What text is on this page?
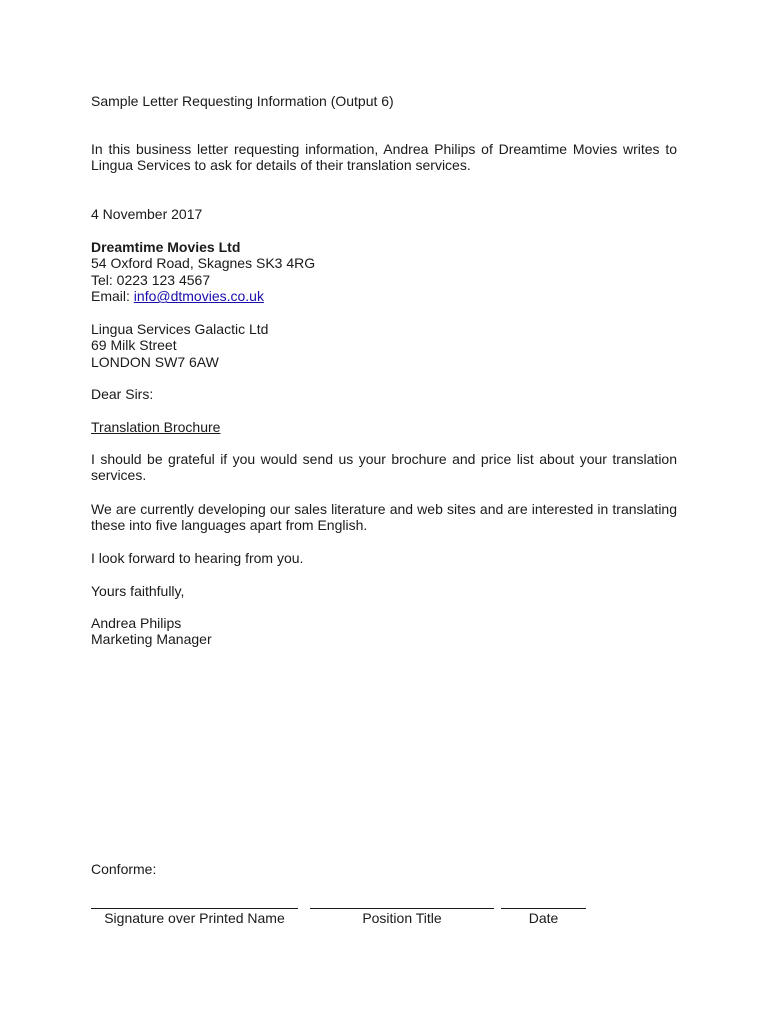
Sample Letter Requesting Information (Output 6)

In this business letter requesting information, Andrea Philips of Dreamtime Movies writes to Lingua Services to ask for details of their translation services.

4 November 2017

Dreamtime Movies Ltd
54 Oxford Road, Skagnes SK3 4RG
Tel: 0223 123 4567
Email: info@dtmovies.co.uk
Lingua Services Galactic Ltd
69 Milk Street
LONDON SW7 6AW

Dear Sirs:

Translation Brochure

I should be grateful if you would send us your brochure and price list about your translation services.

We are currently developing our sales literature and web sites and are interested in translating these into five languages apart from English.

I look forward to hearing from you.

Yours faithfully,

Andrea Philips
Marketing Manager

Conforme:

Signature over Printed Name	Position Title	Date
